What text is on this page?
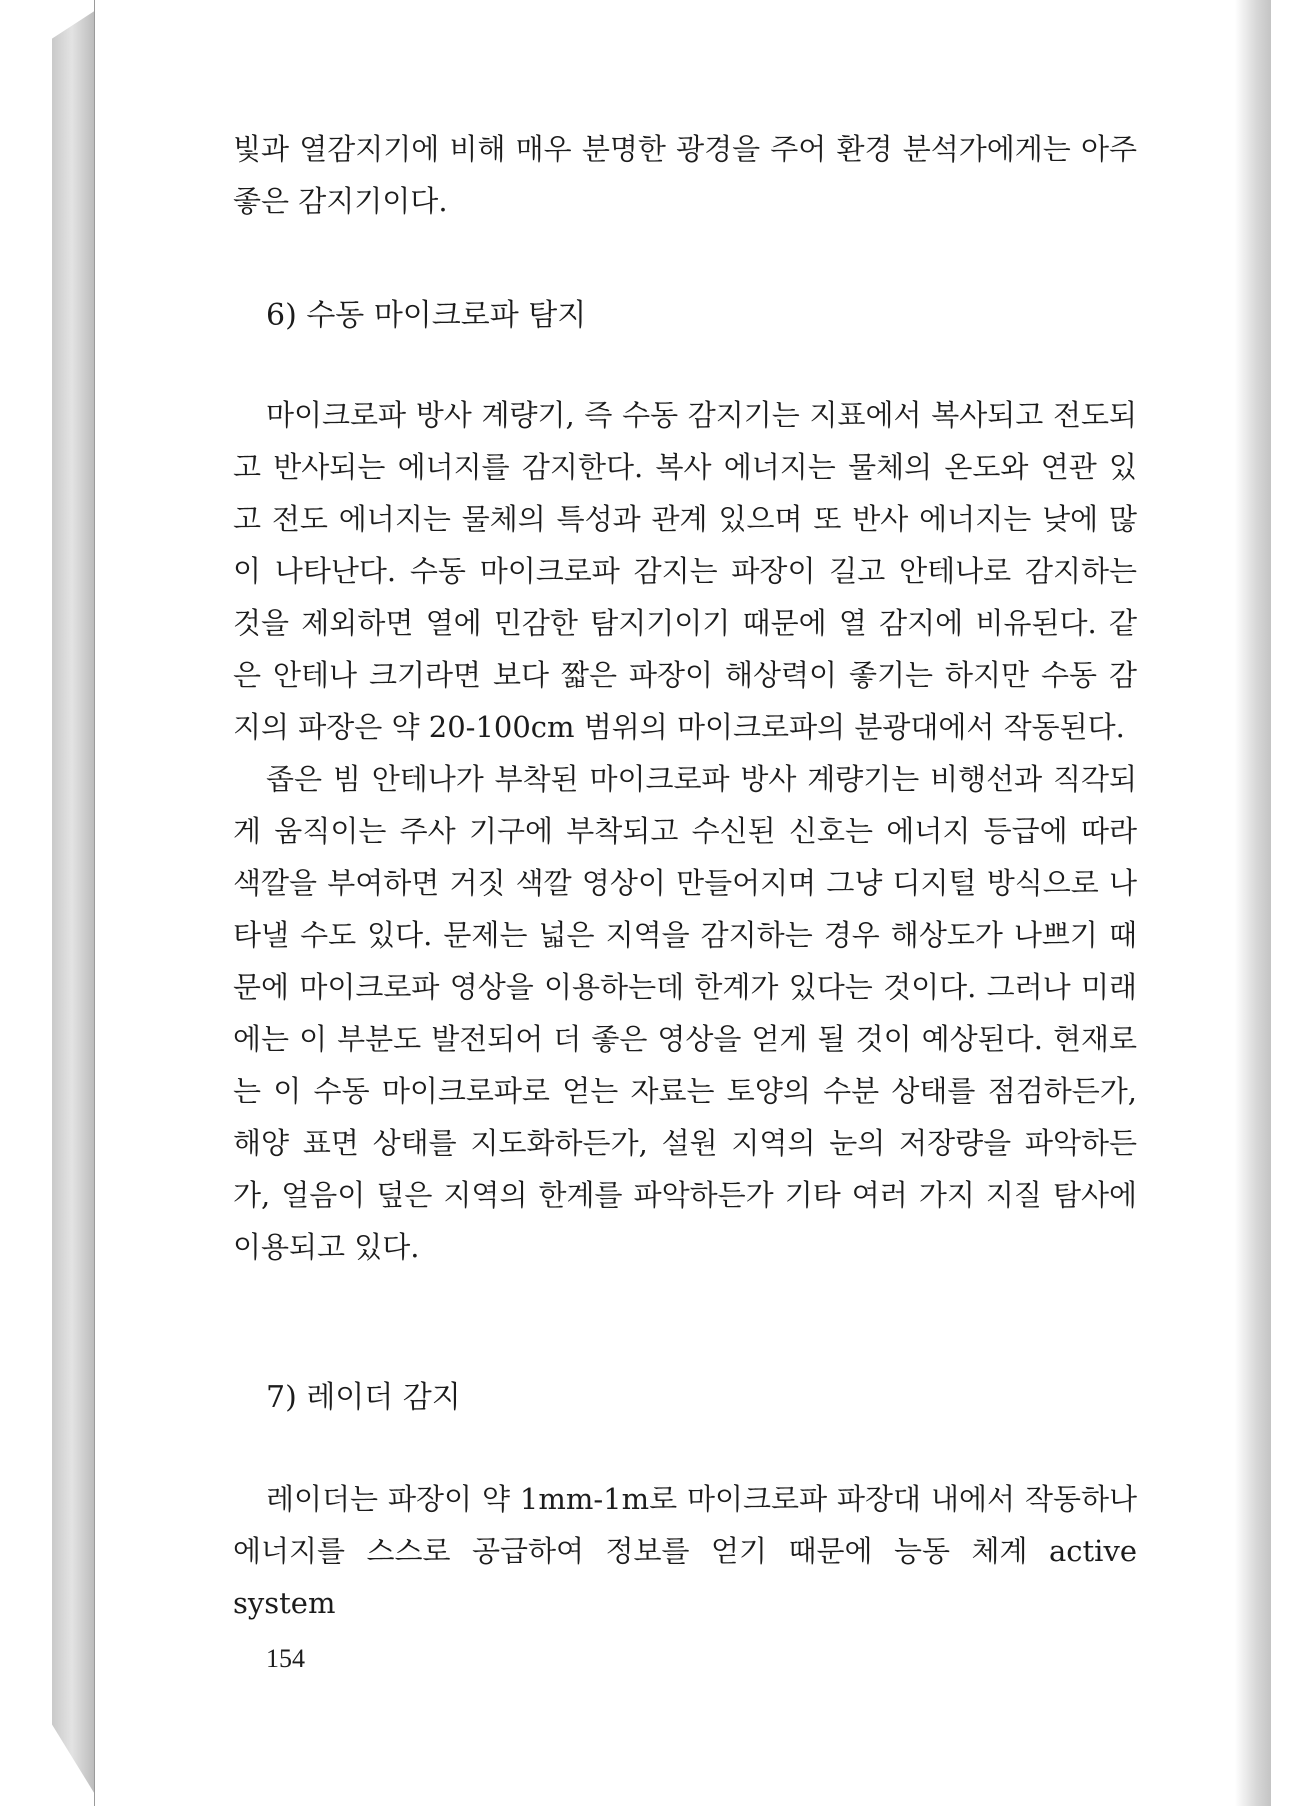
빛과 열감지기에 비해 매우 분명한 광경을 주어 환경 분석가에게는 아주 좋은 감지기이다.

6) 수동 마이크로파 탐지

마이크로파 방사 계량기, 즉 수동 감지기는 지표에서 복사되고 전도되고 반사되는 에너지를 감지한다. 복사 에너지는 물체의 온도와 연관 있고 전도 에너지는 물체의 특성과 관계 있으며 또 반사 에너지는 낮에 많이 나타난다. 수동 마이크로파 감지는 파장이 길고 안테나로 감지하는 것을 제외하면 열에 민감한 탐지기이기 때문에 열 감지에 비유된다. 같은 안테나 크기라면 보다 짧은 파장이 해상력이 좋기는 하지만 수동 감지의 파장은 약 20-100cm 범위의 마이크로파의 분광대에서 작동된다.

좁은 빔 안테나가 부착된 마이크로파 방사 계량기는 비행선과 직각되게 움직이는 주사 기구에 부착되고 수신된 신호는 에너지 등급에 따라 색깔을 부여하면 거짓 색깔 영상이 만들어지며 그냥 디지털 방식으로 나타낼 수도 있다. 문제는 넓은 지역을 감지하는 경우 해상도가 나쁘기 때문에 마이크로파 영상을 이용하는데 한계가 있다는 것이다. 그러나 미래에는 이 부분도 발전되어 더 좋은 영상을 얻게 될 것이 예상된다. 현재로는 이 수동 마이크로파로 얻는 자료는 토양의 수분 상태를 점검하든가, 해양 표면 상태를 지도화하든가, 설원 지역의 눈의 저장량을 파악하든가, 얼음이 덮은 지역의 한계를 파악하든가 기타 여러 가지 지질 탐사에 이용되고 있다.

7) 레이더 감지

레이더는 파장이 약 1mm-1m로 마이크로파 파장대 내에서 작동하나 에너지를 스스로 공급하여 정보를 얻기 때문에 능동 체계 active system

154
